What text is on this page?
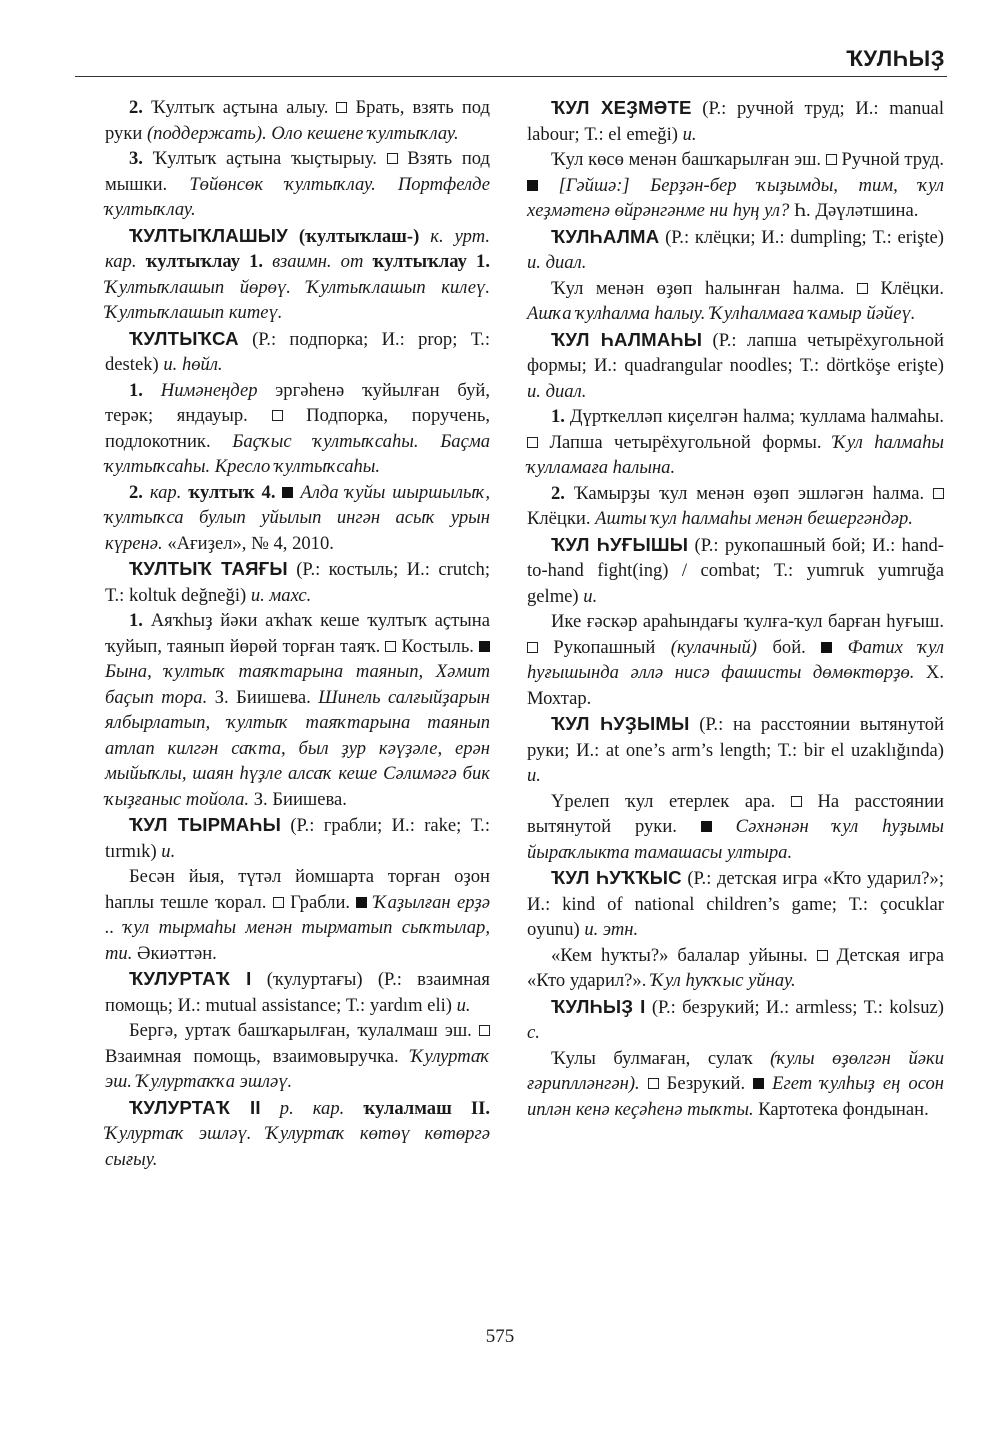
ҠУЛҺЫҘ

2. Ҡултыҡ аҫтына алыу.  Брать, взять под руки (поддержать). Оло кешене ҡултыҡлау.

3. Ҡултыҡ аҫтына ҡыҫтырыу.  Взять под мышки. Төйөнсөк ҡултыҡлау. Портфелде ҡултыҡлау.

ҠУЛТЫҠЛАШЫУ (ҡултыҡлаш-) к. урт. кар. ҡултыҡлау 1. взаимн. от ҡултыҡлау 1. Ҡултыҡлашып йөрөү. Ҡултыҡлашып килеү. Ҡултыҡлашып китеү.

ҠУЛТЫҠСА (Р.: подпорка; И.: prop; Т.: destek) и. һөйл.

1. Нимәнеңдер эргәһенә ҡуйылған буй, терәк; яндауыр.  Подпорка, поручень, подлокотник. Баҫҡыс ҡултыҡсаһы. Баҫма ҡултыҡсаһы. Кресло ҡултыҡсаһы.

2. кар. ҡултыҡ 4.  Алда ҡуйы шыршылыҡ, ҡултыҡса булып уйылып ингән асыҡ урын күренә. «Ағиҙел», № 4, 2010.

ҠУЛТЫҠ ТАЯҒЫ (Р.: костыль; И.: crutch; Т.: koltuk değneği) и. махс.

1. Аяҡһыҙ йәки аҡһаҡ кеше ҡултыҡ аҫтына ҡуйып, таянып йөрөй торған таяҡ.  Костыль.  Бына, ҡултыҡ таяҡтарына таянып, Хәмит баҫып тора. З. Биишева. Шинель салғыйҙарын ялбырлатып, ҡултыҡ таяҡтарына таянып атлап килгән саҡта, был ҙур кәүҙәле, ерән мыйыҡлы, шаян һүҙле алсаҡ кеше Сәлимәгә бик ҡыҙғаныс тойола. З. Биишева.

ҠУЛ ТЫРМАҺЫ (Р.: грабли; И.: rake; Т.: tırmık) и.

Бесән йыя, түтәл йомшарта торған оҙон һаплы тешле ҡорал.  Грабли.  Ҡаҙылған ерҙә .. ҡул тырмаһы менән тырматып сыҡтылар, ти. Әкиәттән.

ҠУЛУРТАҠ I (ҡулуртағы) (Р.: взаимная помощь; И.: mutual assistance; Т.: yardım eli) и.

Бергә, уртаҡ башҡарылған, ҡулалмаш эш.  Взаимная помощь, взаимовыручка. Ҡулуртаҡ эш. Ҡулуртаҡҡа эшләү.

ҠУЛУРТАҠ II р. кар. ҡулалмаш II. Ҡулуртаҡ эшләү. Ҡулуртаҡ көтөү көтөргә сығыу.

ҠУЛ ХЕҘМӘТЕ (Р.: ручной труд; И.: manual labour; Т.: el emeği) и.

Ҡул көсө менән башҡарылған эш.  Ручной труд.  [Гәйшә:] Берҙән-бер ҡыҙымды, тим, ҡул хеҙмәтенә өйрәнгәнме ни һуң ул? Һ. Дәүләтшина.

ҠУЛҺАЛМА (Р.: клёцки; И.: dumpling; Т.: erişte) и. диал.

Ҡул менән өҙөп һалынған һалма.  Клёцки. Ашҡа ҡулһалма һалыу. Ҡулһалмаға ҡамыр йәйеү.

ҠУЛ ҺАЛМАҺЫ (Р.: лапша четырёхугольной формы; И.: quadrangular noodles; Т.: dörtköşe erişte) и. диал.

1. Дүрткелләп киҫелгән һалма; ҡуллама һалмаһы.  Лапша четырёхугольной формы. Ҡул һалмаһы ҡулламаға һалына.

2. Ҡамырҙы ҡул менән өҙөп эшләгән һалма.  Клёцки. Ашты ҡул һалмаһы менән бешергәндәр.

ҠУЛ ҺУҒЫШЫ (Р.: рукопашный бой; И.: hand-to-hand fight(ing) / combat; Т.: yumruk yumruğa gelme) и.

Ике ғәскәр араһындағы ҡулға-ҡул барған һуғыш.  Рукопашный (кулачный) бой.  Фатих ҡул һуғышында әллә нисә фашисты дөмөктөрҙө. Х. Мохтар.

ҠУЛ ҺУҘЫМЫ (Р.: на расстоянии вытянутой руки; И.: at one’s arm’s length; Т.: bir el uzaklığında) и.

Үрелеп ҡул етерлек ара.  На расстоянии вытянутой руки.  Сәхнәнән ҡул һуҙымы йыраҡлыкта тамашасы ултыра.

ҠУЛ ҺУҠҠЫС (Р.: детская игра «Кто ударил?»; И.: kind of national children’s game; Т.: çocuklar oyunu) и. этн.

«Кем һуҡты?» балалар уйыны.  Детская игра «Кто ударил?». Ҡул һуҡҡыс уйнау.

ҠУЛҺЫҘ I (Р.: безрукий; И.: armless; Т.: kolsuz) с.

Ҡулы булмаған, сулаҡ (ҡулы өҙөлгән йәки ғәриплләнгән).  Безрукий.  Егет ҡулһыҙ ең осон иплән кенә кеҫәһенә тыҡты. Картотека фондынан.

575
